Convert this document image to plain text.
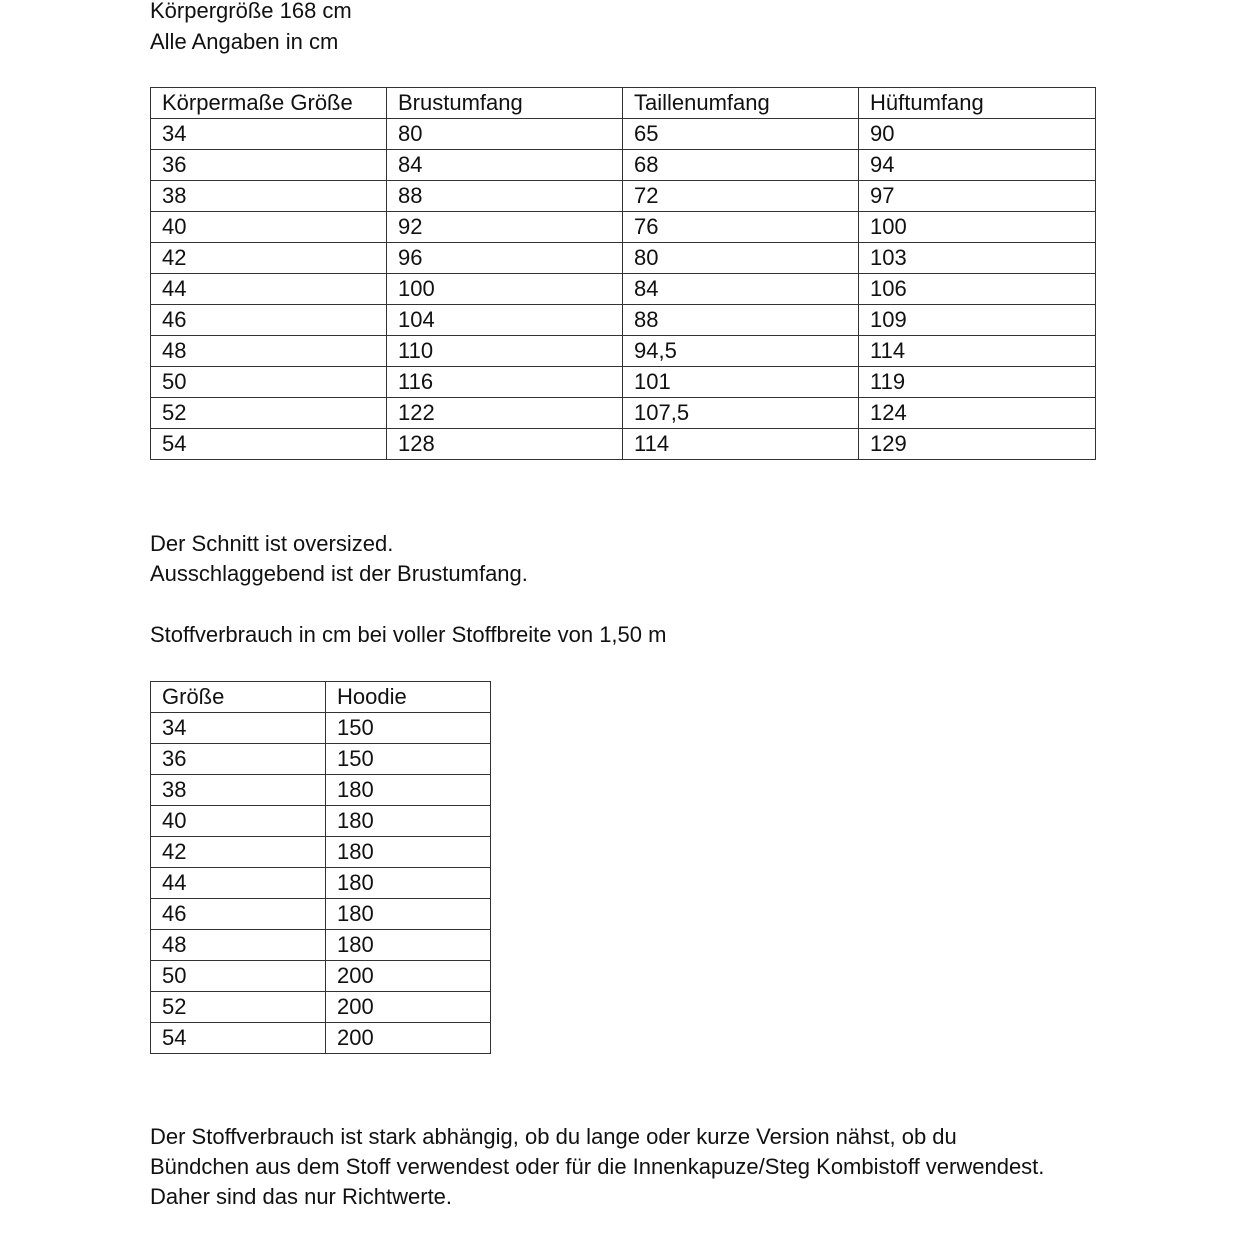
Körpergröße 168 cm

Alle Angaben in cm

Körpermaße Größe	Brustumfang	Taillenumfang	Hüftumfang
34	80	65	90
36	84	68	94
38	88	72	97
40	92	76	100
42	96	80	103
44	100	84	106
46	104	88	109
48	110	94,5	114
50	116	101	119
52	122	107,5	124
54	128	114	129

Der Schnitt ist oversized.

Ausschlaggebend ist der Brustumfang.

Stoffverbrauch in cm bei voller Stoffbreite von 1,50 m

Größe	Hoodie
34	150
36	150
38	180
40	180
42	180
44	180
46	180
48	180
50	200
52	200
54	200

Der Stoffverbrauch ist stark abhängig, ob du lange oder kurze Version nähst, ob du

Bündchen aus dem Stoff verwendest oder für die Innenkapuze/Steg Kombistoff verwendest.

Daher sind das nur Richtwerte.
